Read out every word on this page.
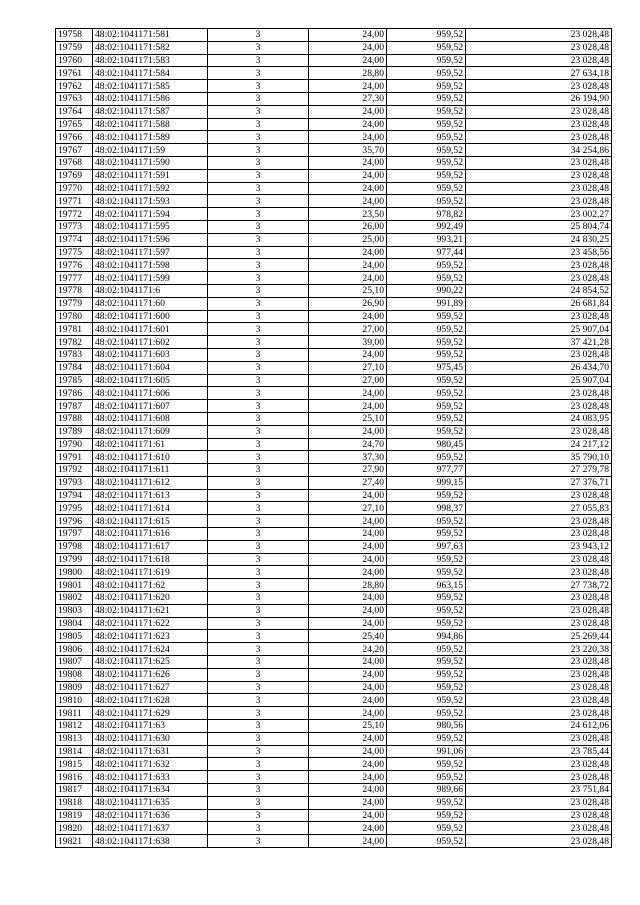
19758	48:02:1041171:581	3	24,00	959,52	23 028,48
19759	48:02:1041171:582	3	24,00	959,52	23 028,48
19760	48:02:1041171:583	3	24,00	959,52	23 028,48
19761	48:02:1041171:584	3	28,80	959,52	27 634,18
19762	48:02:1041171:585	3	24,00	959,52	23 028,48
19763	48:02:1041171:586	3	27,30	959,52	26 194,90
19764	48:02:1041171:587	3	24,00	959,52	23 028,48
19765	48:02:1041171:588	3	24,00	959,52	23 028,48
19766	48:02:1041171:589	3	24,00	959,52	23 028,48
19767	48:02:1041171:59	3	35,70	959,52	34 254,86
19768	48:02:1041171:590	3	24,00	959,52	23 028,48
19769	48:02:1041171:591	3	24,00	959,52	23 028,48
19770	48:02:1041171:592	3	24,00	959,52	23 028,48
19771	48:02:1041171:593	3	24,00	959,52	23 028,48
19772	48:02:1041171:594	3	23,50	978,82	23 002,27
19773	48:02:1041171:595	3	26,00	992,49	25 804,74
19774	48:02:1041171:596	3	25,00	993,21	24 830,25
19775	48:02:1041171:597	3	24,00	977,44	23 458,56
19776	48:02:1041171:598	3	24,00	959,52	23 028,48
19777	48:02:1041171:599	3	24,00	959,52	23 028,48
19778	48:02:1041171:6	3	25,10	990,22	24 854,52
19779	48:02:1041171:60	3	26,90	991,89	26 681,84
19780	48:02:1041171:600	3	24,00	959,52	23 028,48
19781	48:02:1041171:601	3	27,00	959,52	25 907,04
19782	48:02:1041171:602	3	39,00	959,52	37 421,28
19783	48:02:1041171:603	3	24,00	959,52	23 028,48
19784	48:02:1041171:604	3	27,10	975,45	26 434,70
19785	48:02:1041171:605	3	27,00	959,52	25 907,04
19786	48:02:1041171:606	3	24,00	959,52	23 028,48
19787	48:02:1041171:607	3	24,00	959,52	23 028,48
19788	48:02:1041171:608	3	25,10	959,52	24 083,95
19789	48:02:1041171:609	3	24,00	959,52	23 028,48
19790	48:02:1041171:61	3	24,70	980,45	24 217,12
19791	48:02:1041171:610	3	37,30	959,52	35 790,10
19792	48:02:1041171:611	3	27,90	977,77	27 279,78
19793	48:02:1041171:612	3	27,40	999,15	27 376,71
19794	48:02:1041171:613	3	24,00	959,52	23 028,48
19795	48:02:1041171:614	3	27,10	998,37	27 055,83
19796	48:02:1041171:615	3	24,00	959,52	23 028,48
19797	48:02:1041171:616	3	24,00	959,52	23 028,48
19798	48:02:1041171:617	3	24,00	997,63	23 943,12
19799	48:02:1041171:618	3	24,00	959,52	23 028,48
19800	48:02:1041171:619	3	24,00	959,52	23 028,48
19801	48:02:1041171:62	3	28,80	963,15	27 738,72
19802	48:02:1041171:620	3	24,00	959,52	23 028,48
19803	48:02:1041171:621	3	24,00	959,52	23 028,48
19804	48:02:1041171:622	3	24,00	959,52	23 028,48
19805	48:02:1041171:623	3	25,40	994,86	25 269,44
19806	48:02:1041171:624	3	24,20	959,52	23 220,38
19807	48:02:1041171:625	3	24,00	959,52	23 028,48
19808	48:02:1041171:626	3	24,00	959,52	23 028,48
19809	48:02:1041171:627	3	24,00	959,52	23 028,48
19810	48:02:1041171:628	3	24,00	959,52	23 028,48
19811	48:02:1041171:629	3	24,00	959,52	23 028,48
19812	48:02:1041171:63	3	25,10	980,56	24 612,06
19813	48:02:1041171:630	3	24,00	959,52	23 028,48
19814	48:02:1041171:631	3	24,00	991,06	23 785,44
19815	48:02:1041171:632	3	24,00	959,52	23 028,48
19816	48:02:1041171:633	3	24,00	959,52	23 028,48
19817	48:02:1041171:634	3	24,00	989,66	23 751,84
19818	48:02:1041171:635	3	24,00	959,52	23 028,48
19819	48:02:1041171:636	3	24,00	959,52	23 028,48
19820	48:02:1041171:637	3	24,00	959,52	23 028,48
19821	48:02:1041171:638	3	24,00	959,52	23 028,48
